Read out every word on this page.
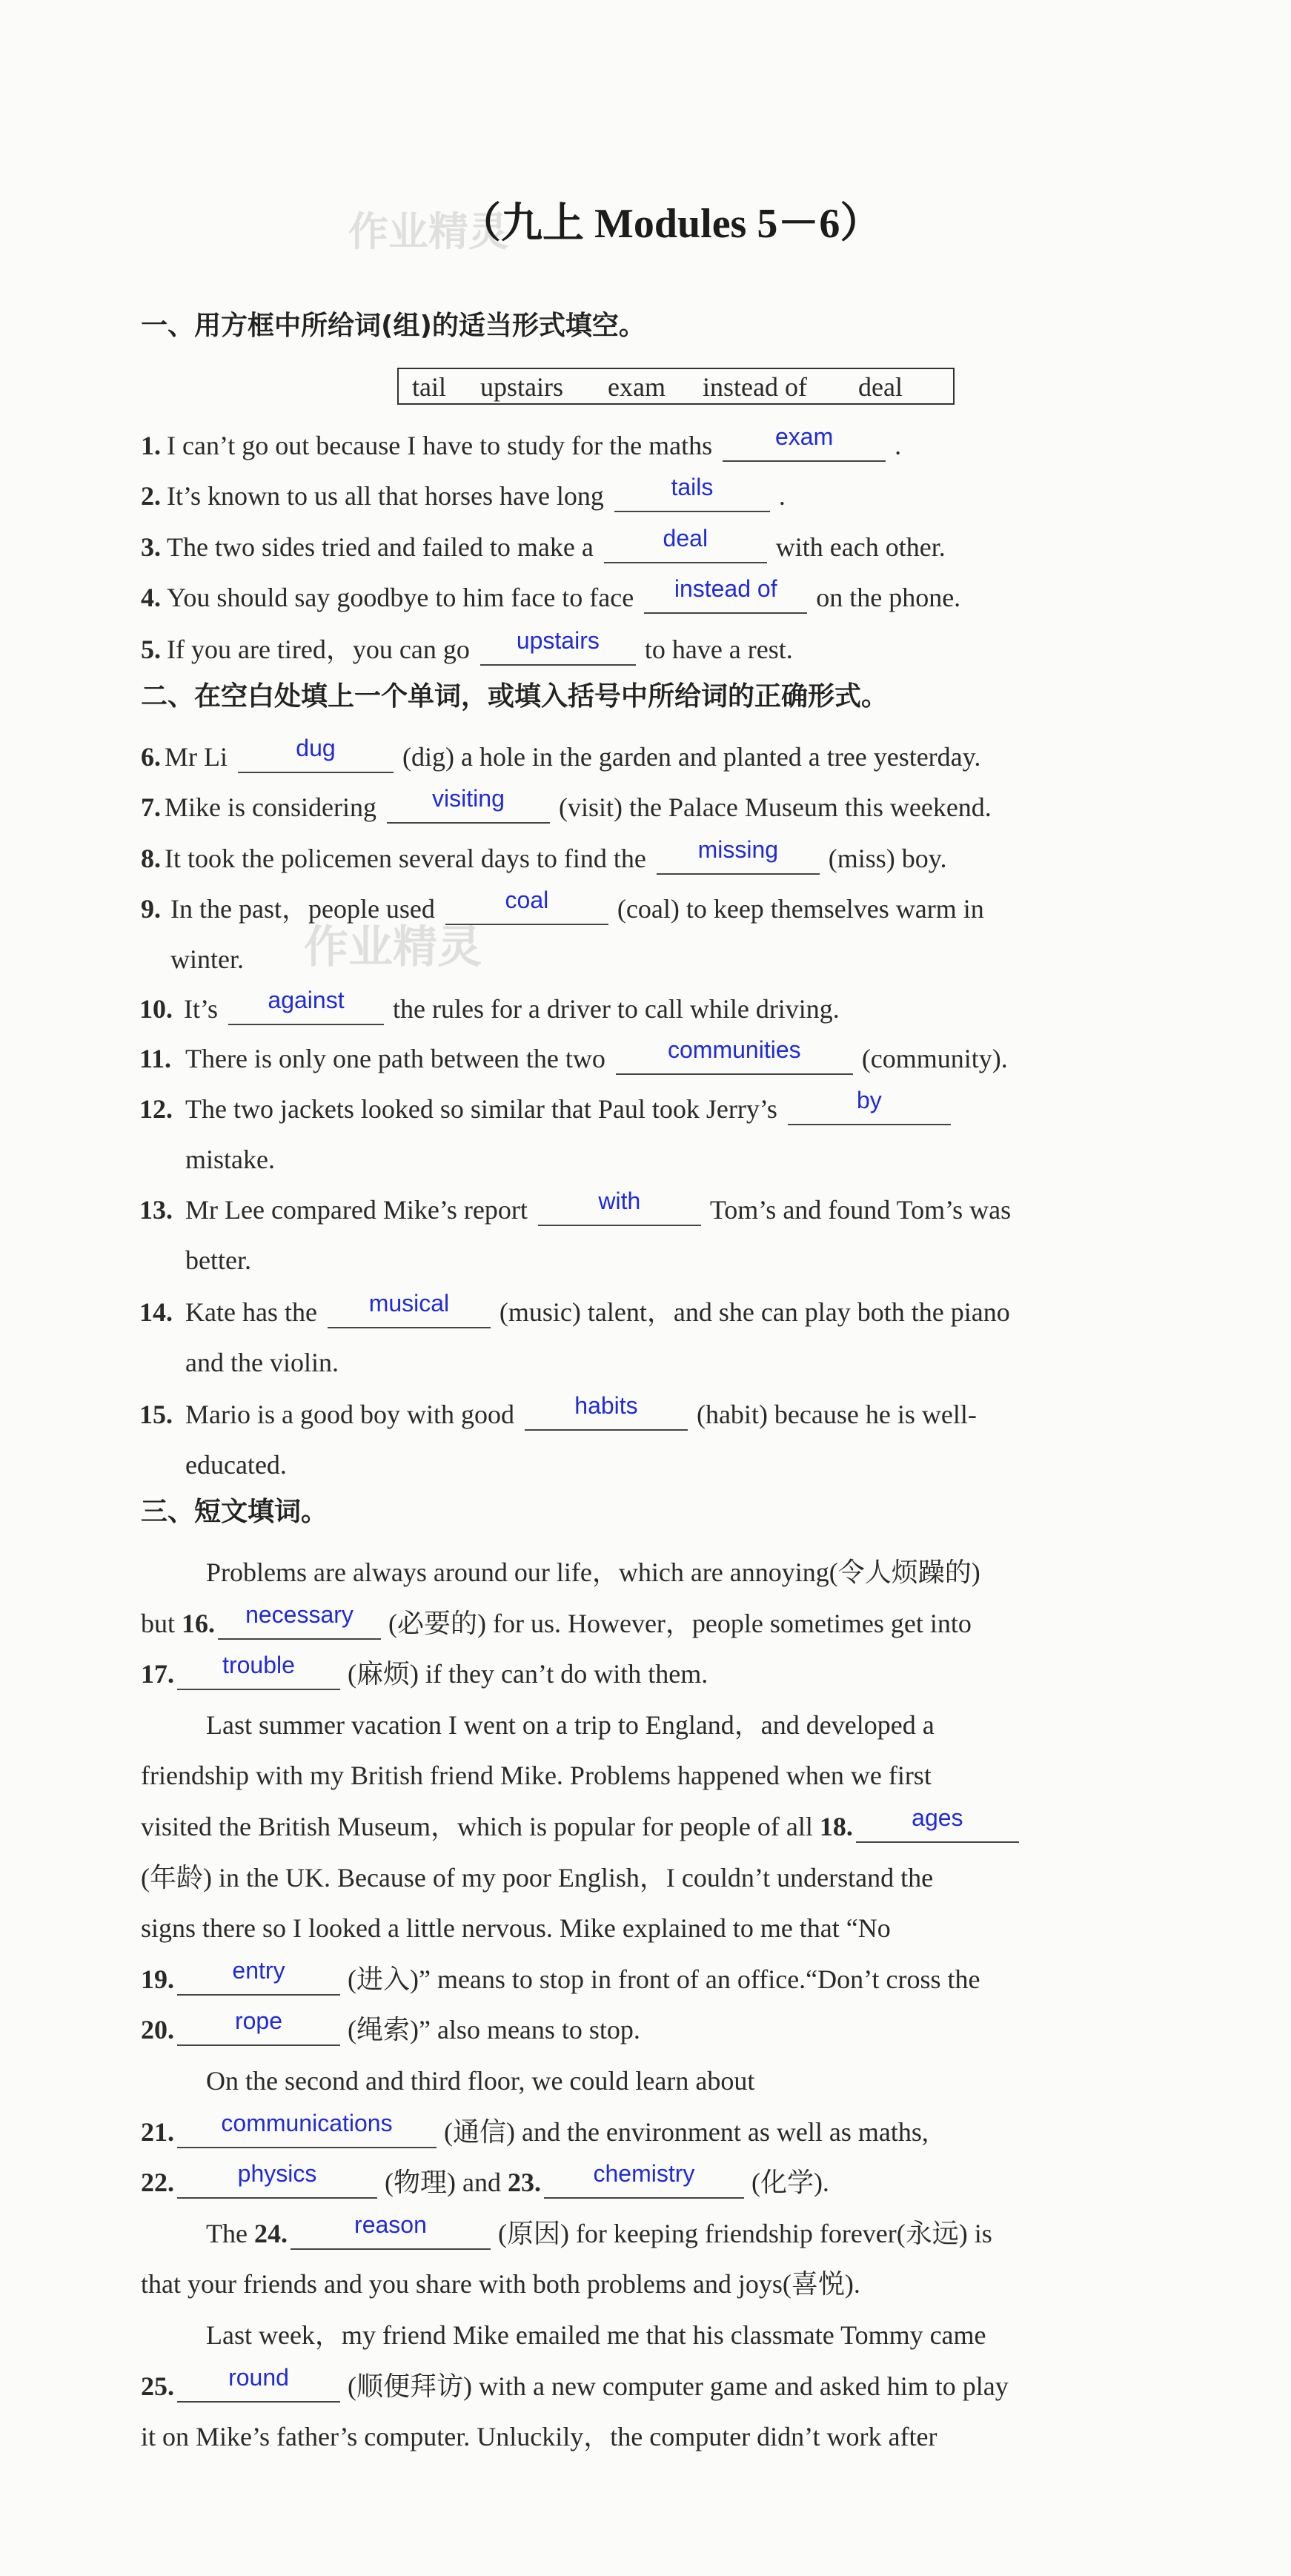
作业精灵
作业精灵
（九上 Modules 5－6）
一、用方框中所给词(组)的适当形式填空。
tail upstairs exam instead of deal
1. I can’t go out because I have to study for the maths	exam	.
2. It’s known to us all that horses have long	tails	.
3. The two sides tried and failed to make a	deal	with each other.
4. You should say goodbye to him face to face	instead of	on the phone.
5. If you are tired，you can go	upstairs	to have a rest.
二、在空白处填上一个单词，或填入括号中所给词的正确形式。
6. Mr Li	dug	(dig) a hole in the garden and planted a tree yesterday.
7. Mike is considering	visiting	(visit) the Palace Museum this weekend.
8. It took the policemen several days to find the	missing	(miss) boy.
9. In the past，people used	coal	(coal) to keep themselves warm in
winter.
10. It’s	against	the rules for a driver to call while driving.
11. There is only one path between the two	communities	(community).
12. The two jackets looked so similar that Paul took Jerry’s	by
mistake.
13. Mr Lee compared Mike’s report	with	Tom’s and found Tom’s was
better.
14. Kate has the	musical	(music) talent，and she can play both the piano
and the violin.
15. Mario is a good boy with good	habits	(habit) because he is well-
educated.
三、短文填词。
Problems are always around our life，which are annoying(令人烦躁的)
but 16.	necessary	(必要的) for us. However，people sometimes get into
17.	trouble	(麻烦) if they can’t do with them.
Last summer vacation I went on a trip to England，and developed a
friendship with my British friend Mike. Problems happened when we first
visited the British Museum，which is popular for people of all 18.	ages
(年龄) in the UK. Because of my poor English，I couldn’t understand the
signs there so I looked a little nervous. Mike explained to me that “No
19.	entry	(进入)” means to stop in front of an office.“Don’t cross the
20.	rope	(绳索)” also means to stop.
On the second and third floor, we could learn about
21.	communications	(通信) and the environment as well as maths,
22.	physics	(物理) and 23.	chemistry	(化学).
The 24.	reason	(原因) for keeping friendship forever(永远) is
that your friends and you share with both problems and joys(喜悦).
Last week，my friend Mike emailed me that his classmate Tommy came
25.	round	(顺便拜访) with a new computer game and asked him to play
it on Mike’s father’s computer. Unluckily，the computer didn’t work after
